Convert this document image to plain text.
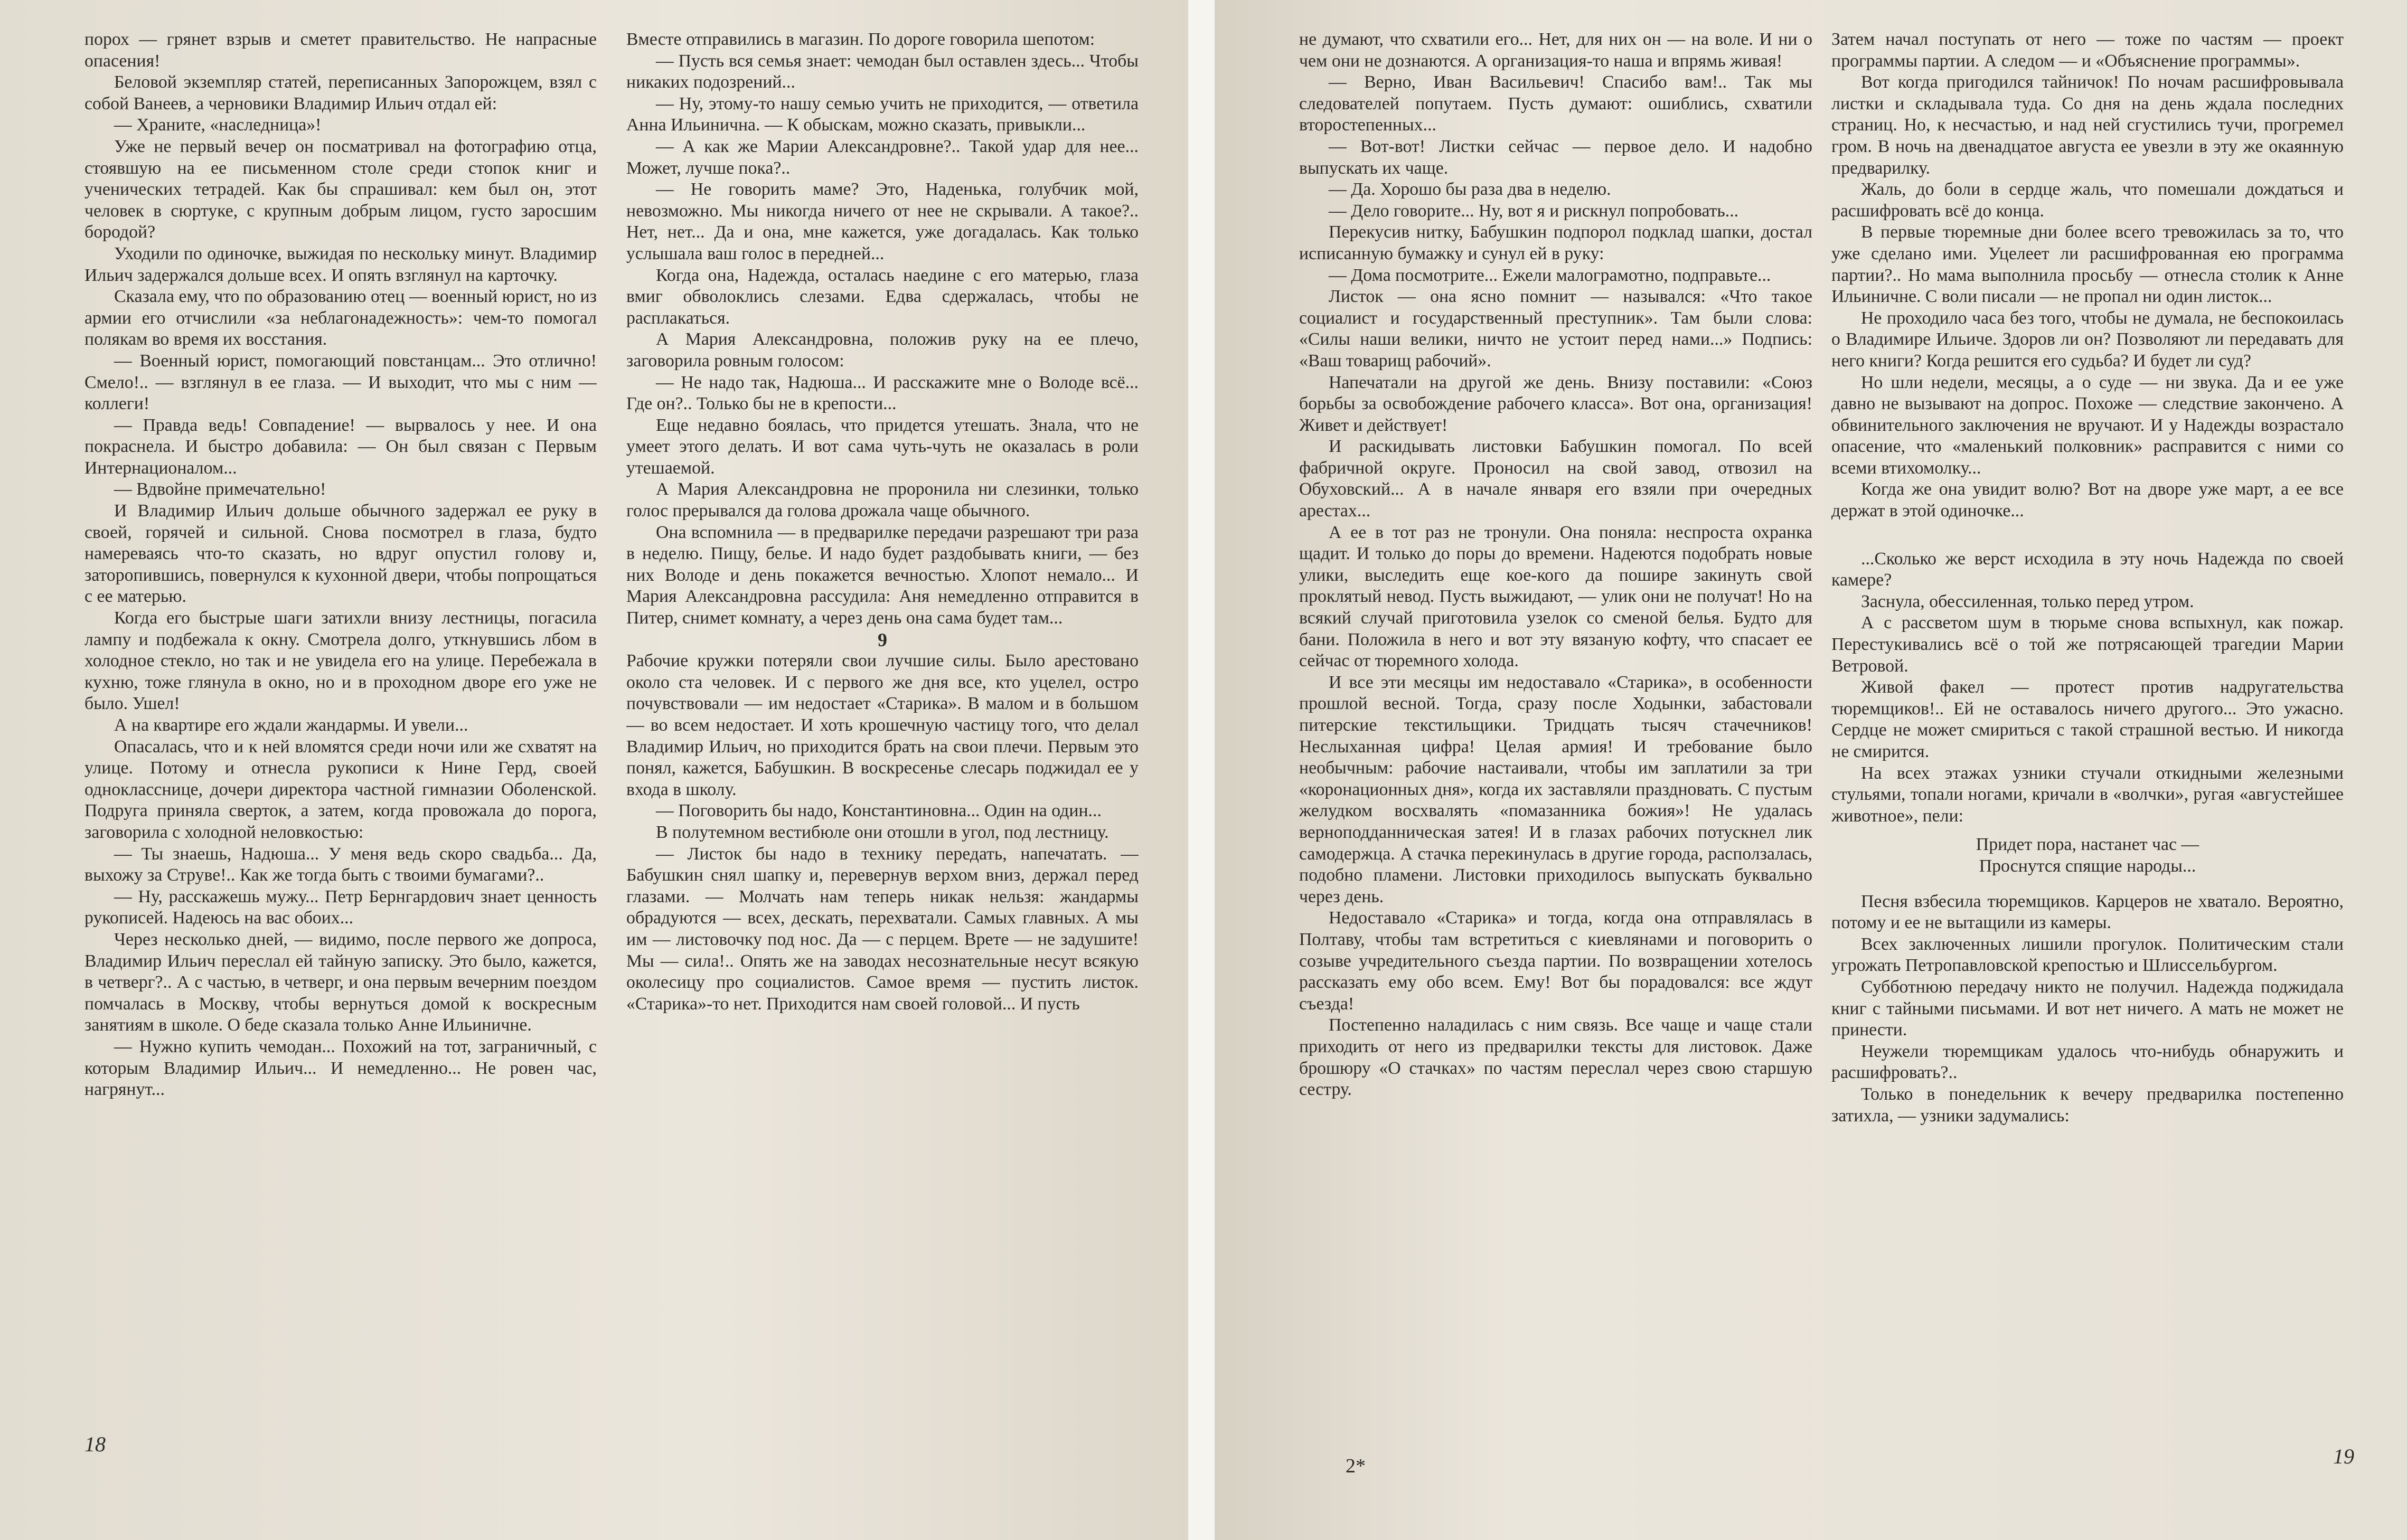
порох — грянет взрыв и сметет правительство. Не напрасные опасения!

Беловой экземпляр статей, переписанных Запорожцем, взял с собой Ванеев, а черновики Владимир Ильич отдал ей:

— Храните, «наследница»!

Уже не первый вечер он посматривал на фотографию отца, стоявшую на ее письменном столе среди стопок книг и ученических тетрадей. Как бы спрашивал: кем был он, этот человек в сюртуке, с крупным добрым лицом, густо заросшим бородой?

Уходили по одиночке, выжидая по нескольку минут. Владимир Ильич задержался дольше всех. И опять взглянул на карточку.

Сказала ему, что по образованию отец — военный юрист, но из армии его отчислили «за неблагонадежность»: чем-то помогал полякам во время их восстания.

— Военный юрист, помогающий повстанцам... Это отлично! Смело!.. — взглянул в ее глаза. — И выходит, что мы с ним — коллеги!

— Правда ведь! Совпадение! — вырвалось у нее. И она покраснела. И быстро добавила: — Он был связан с Первым Интернационалом...

— Вдвойне примечательно!

И Владимир Ильич дольше обычного задержал ее руку в своей, горячей и сильной. Снова посмотрел в глаза, будто намереваясь что-то сказать, но вдруг опустил голову и, заторопившись, повернулся к кухонной двери, чтобы попрощаться с ее матерью.

Когда его быстрые шаги затихли внизу лестницы, погасила лампу и подбежала к окну. Смотрела долго, уткнувшись лбом в холодное стекло, но так и не увидела его на улице. Перебежала в кухню, тоже глянула в окно, но и в проходном дворе его уже не было. Ушел!

А на квартире его ждали жандармы. И увели...

Опасалась, что и к ней вломятся среди ночи или же схватят на улице. Потому и отнесла рукописи к Нине Герд, своей однокласснице, дочери директора частной гимназии Оболенской. Подруга приняла сверток, а затем, когда провожала до порога, заговорила с холодной неловкостью:

— Ты знаешь, Надюша... У меня ведь скоро свадьба... Да, выхожу за Струве!.. Как же тогда быть с твоими бумагами?..

— Ну, расскажешь мужу... Петр Бернгардович знает ценность рукописей. Надеюсь на вас обоих...

Через несколько дней, — видимо, после первого же допроса, Владимир Ильич переслал ей тайную записку. Это было, кажется, в четверг?.. А с частью, в четверг, и она первым вечерним поездом помчалась в Москву, чтобы вернуться домой к воскресным занятиям в школе. О беде сказала только Анне Ильиничне.

— Нужно купить чемодан... Похожий на тот, заграничный, с которым Владимир Ильич... И немедленно... Не ровен час, нагрянут...

Вместе отправились в магазин. По дороге говорила шепотом:

— Пусть вся семья знает: чемодан был оставлен здесь... Чтобы никаких подозрений...

— Ну, этому-то нашу семью учить не приходится, — ответила Анна Ильинична. — К обыскам, можно сказать, привыкли...

— А как же Марии Александровне?.. Такой удар для нее... Может, лучше пока?..

— Не говорить маме? Это, Наденька, голубчик мой, невозможно. Мы никогда ничего от нее не скрывали. А такое?.. Нет, нет... Да и она, мне кажется, уже догадалась. Как только услышала ваш голос в передней...

Когда она, Надежда, осталась наедине с его матерью, глаза вмиг обволоклись слезами. Едва сдержалась, чтобы не расплакаться.

А Мария Александровна, положив руку на ее плечо, заговорила ровным голосом:

— Не надо так, Надюша... И расскажите мне о Володе всё... Где он?.. Только бы не в крепости...

Еще недавно боялась, что придется утешать. Знала, что не умеет этого делать. И вот сама чуть-чуть не оказалась в роли утешаемой.

А Мария Александровна не проронила ни слезинки, только голос прерывался да голова дрожала чаще обычного.

Она вспомнила — в предварилке передачи разрешают три раза в неделю. Пищу, белье. И надо будет раздобывать книги, — без них Володе и день покажется вечностью. Хлопот немало... И Мария Александровна рассудила: Аня немедленно отправится в Питер, снимет комнату, а через день она сама будет там...

9

Рабочие кружки потеряли свои лучшие силы. Было арестовано около ста человек. И с первого же дня все, кто уцелел, остро почувствовали — им недостает «Старика». В малом и в большом — во всем недостает. И хоть крошечную частицу того, что делал Владимир Ильич, но приходится брать на свои плечи. Первым это понял, кажется, Бабушкин. В воскресенье слесарь поджидал ее у входа в школу.

— Поговорить бы надо, Константиновна... Один на один...

В полутемном вестибюле они отошли в угол, под лестницу.

— Листок бы надо в технику передать, напечатать. — Бабушкин снял шапку и, перевернув верхом вниз, держал перед глазами. — Молчать нам теперь никак нельзя: жандармы обрадуются — всех, дескать, перехватали. Самых главных. А мы им — листовочку под нос. Да — с перцем. Врете — не задушите! Мы — сила!.. Опять же на заводах несознательные несут всякую околесицу про социалистов. Самое время — пустить листок. «Старика»-то нет. Приходится нам своей головой... И пусть

18

не думают, что схватили его... Нет, для них он — на воле. И ни о чем они не дознаются. А организация-то наша и впрямь живая!

— Верно, Иван Васильевич! Спасибо вам!.. Так мы следователей попутаем. Пусть думают: ошиблись, схватили второстепенных...

— Вот-вот! Листки сейчас — первое дело. И надобно выпускать их чаще.

— Да. Хорошо бы раза два в неделю.

— Дело говорите... Ну, вот я и рискнул попробовать...

Перекусив нитку, Бабушкин подпорол подклад шапки, достал исписанную бумажку и сунул ей в руку:

— Дома посмотрите... Ежели малограмотно, подправьте...

Листок — она ясно помнит — назывался: «Что такое социалист и государственный преступник». Там были слова: «Силы наши велики, ничто не устоит перед нами...» Подпись: «Ваш товарищ рабочий».

Напечатали на другой же день. Внизу поставили: «Союз борьбы за освобождение рабочего класса». Вот она, организация! Живет и действует!

И раскидывать листовки Бабушкин помогал. По всей фабричной округе. Проносил на свой завод, отвозил на Обуховский... А в начале января его взяли при очередных арестах...

А ее в тот раз не тронули. Она поняла: неспроста охранка щадит. И только до поры до времени. Надеются подобрать новые улики, выследить еще кое-кого да пошире закинуть свой проклятый невод. Пусть выжидают, — улик они не получат! Но на всякий случай приготовила узелок со сменой белья. Будто для бани. Положила в него и вот эту вязаную кофту, что спасает ее сейчас от тюремного холода.

И все эти месяцы им недоставало «Старика», в особенности прошлой весной. Тогда, сразу после Ходынки, забастовали питерские текстильщики. Тридцать тысяч стачечников! Неслыханная цифра! Целая армия! И требование было необычным: рабочие настаивали, чтобы им заплатили за три «коронационных дня», когда их заставляли праздновать. С пустым желудком восхвалять «помазанника божия»! Не удалась верноподданническая затея! И в глазах рабочих потускнел лик самодержца. А стачка перекинулась в другие города, расползалась, подобно пламени. Листовки приходилось выпускать буквально через день.

Недоставало «Старика» и тогда, когда она отправлялась в Полтаву, чтобы там встретиться с киевлянами и поговорить о созыве учредительного съезда партии. По возвращении хотелось рассказать ему обо всем. Ему! Вот бы порадовался: все ждут съезда!

Постепенно наладилась с ним связь. Все чаще и чаще стали приходить от него из предварилки тексты для листовок. Даже брошюру «О стачках» по частям переслал через свою старшую сестру.

Затем начал поступать от него — тоже по частям — проект программы партии. А следом — и «Объяснение программы».

Вот когда пригодился тайничок! По ночам расшифровывала листки и складывала туда. Со дня на день ждала последних страниц. Но, к несчастью, и над ней сгустились тучи, прогремел гром. В ночь на двенадцатое августа ее увезли в эту же окаянную предварилку.

Жаль, до боли в сердце жаль, что помешали дождаться и расшифровать всё до конца.

В первые тюремные дни более всего тревожилась за то, что уже сделано ими. Уцелеет ли расшифрованная ею программа партии?.. Но мама выполнила просьбу — отнесла столик к Анне Ильиничне. С воли писали — не пропал ни один листок...

Не проходило часа без того, чтобы не думала, не беспокоилась о Владимире Ильиче. Здоров ли он? Позволяют ли передавать для него книги? Когда решится его судьба? И будет ли суд?

Но шли недели, месяцы, а о суде — ни звука. Да и ее уже давно не вызывают на допрос. Похоже — следствие закончено. А обвинительного заключения не вручают. И у Надежды возрастало опасение, что «маленький полковник» расправится с ними со всеми втихомолку...

Когда же она увидит волю? Вот на дворе уже март, а ее все держат в этой одиночке...

...Сколько же верст исходила в эту ночь Надежда по своей камере?

Заснула, обессиленная, только перед утром.

А с рассветом шум в тюрьме снова вспыхнул, как пожар. Перестукивались всё о той же потрясающей трагедии Марии Ветровой.

Живой факел — протест против надругательства тюремщиков!.. Ей не оставалось ничего другого... Это ужасно. Сердце не может смириться с такой страшной вестью. И никогда не смирится.

На всех этажах узники стучали откидными железными стульями, топали ногами, кричали в «волчки», ругая «августейшее животное», пели:

Придет пора, настанет час —
Проснутся спящие народы...

Песня взбесила тюремщиков. Карцеров не хватало. Вероятно, потому и ее не вытащили из камеры.

Всех заключенных лишили прогулок. Политическим стали угрожать Петропавловской крепостью и Шлиссельбургом.

Субботнюю передачу никто не получил. Надежда поджидала книг с тайными письмами. И вот нет ничего. А мать не может не принести.

Неужели тюремщикам удалось что-нибудь обнаружить и расшифровать?..

Только в понедельник к вечеру предварилка постепенно затихла, — узники задумались:

2*	19
